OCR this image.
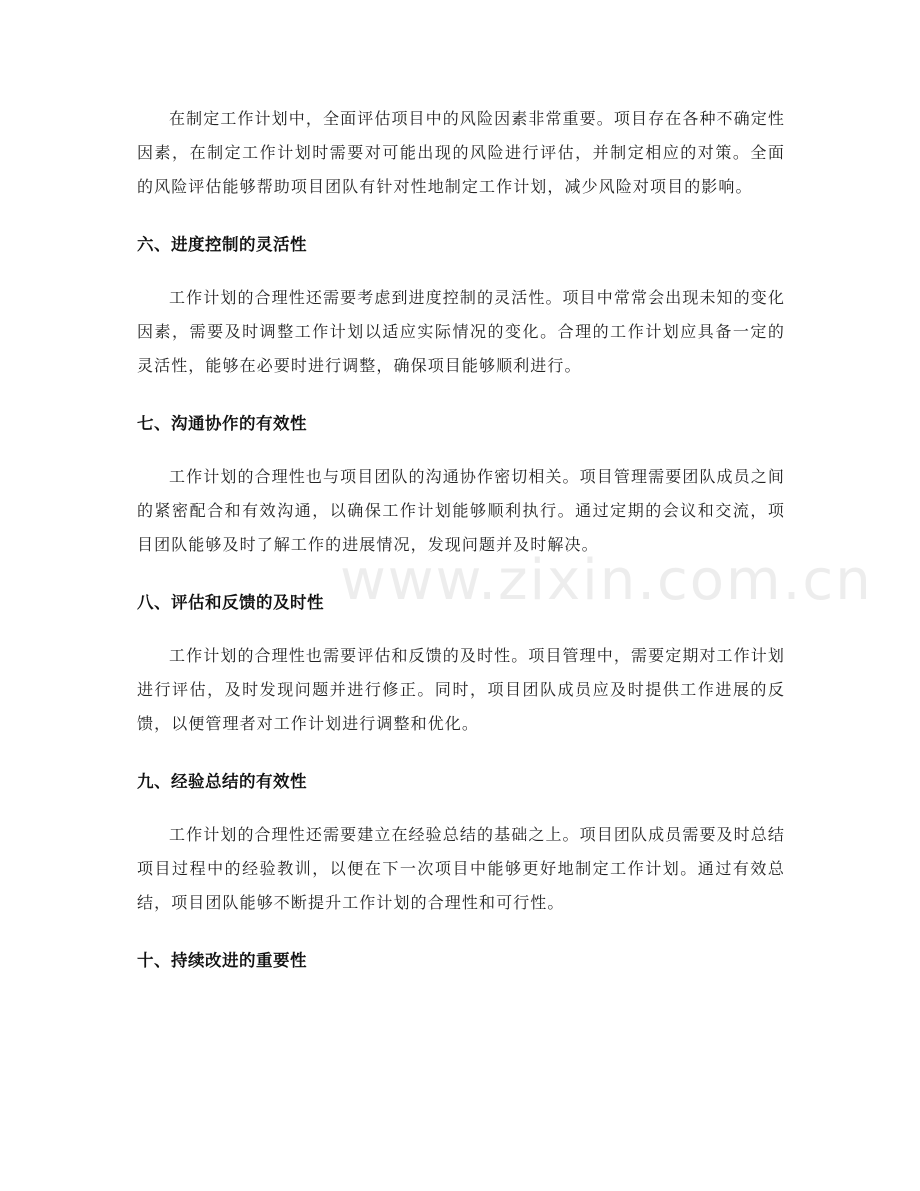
www.zixin.com.cn

在制定工作计划中，全面评估项目中的风险因素非常重要。项目存在各种不确定性因素，在制定工作计划时需要对可能出现的风险进行评估，并制定相应的对策。全面的风险评估能够帮助项目团队有针对性地制定工作计划，减少风险对项目的影响。

六、进度控制的灵活性

工作计划的合理性还需要考虑到进度控制的灵活性。项目中常常会出现未知的变化因素，需要及时调整工作计划以适应实际情况的变化。合理的工作计划应具备一定的灵活性，能够在必要时进行调整，确保项目能够顺利进行。

七、沟通协作的有效性

工作计划的合理性也与项目团队的沟通协作密切相关。项目管理需要团队成员之间的紧密配合和有效沟通，以确保工作计划能够顺利执行。通过定期的会议和交流，项目团队能够及时了解工作的进展情况，发现问题并及时解决。

八、评估和反馈的及时性

工作计划的合理性也需要评估和反馈的及时性。项目管理中，需要定期对工作计划进行评估，及时发现问题并进行修正。同时，项目团队成员应及时提供工作进展的反馈，以便管理者对工作计划进行调整和优化。

九、经验总结的有效性

工作计划的合理性还需要建立在经验总结的基础之上。项目团队成员需要及时总结项目过程中的经验教训，以便在下一次项目中能够更好地制定工作计划。通过有效总结，项目团队能够不断提升工作计划的合理性和可行性。

十、持续改进的重要性
